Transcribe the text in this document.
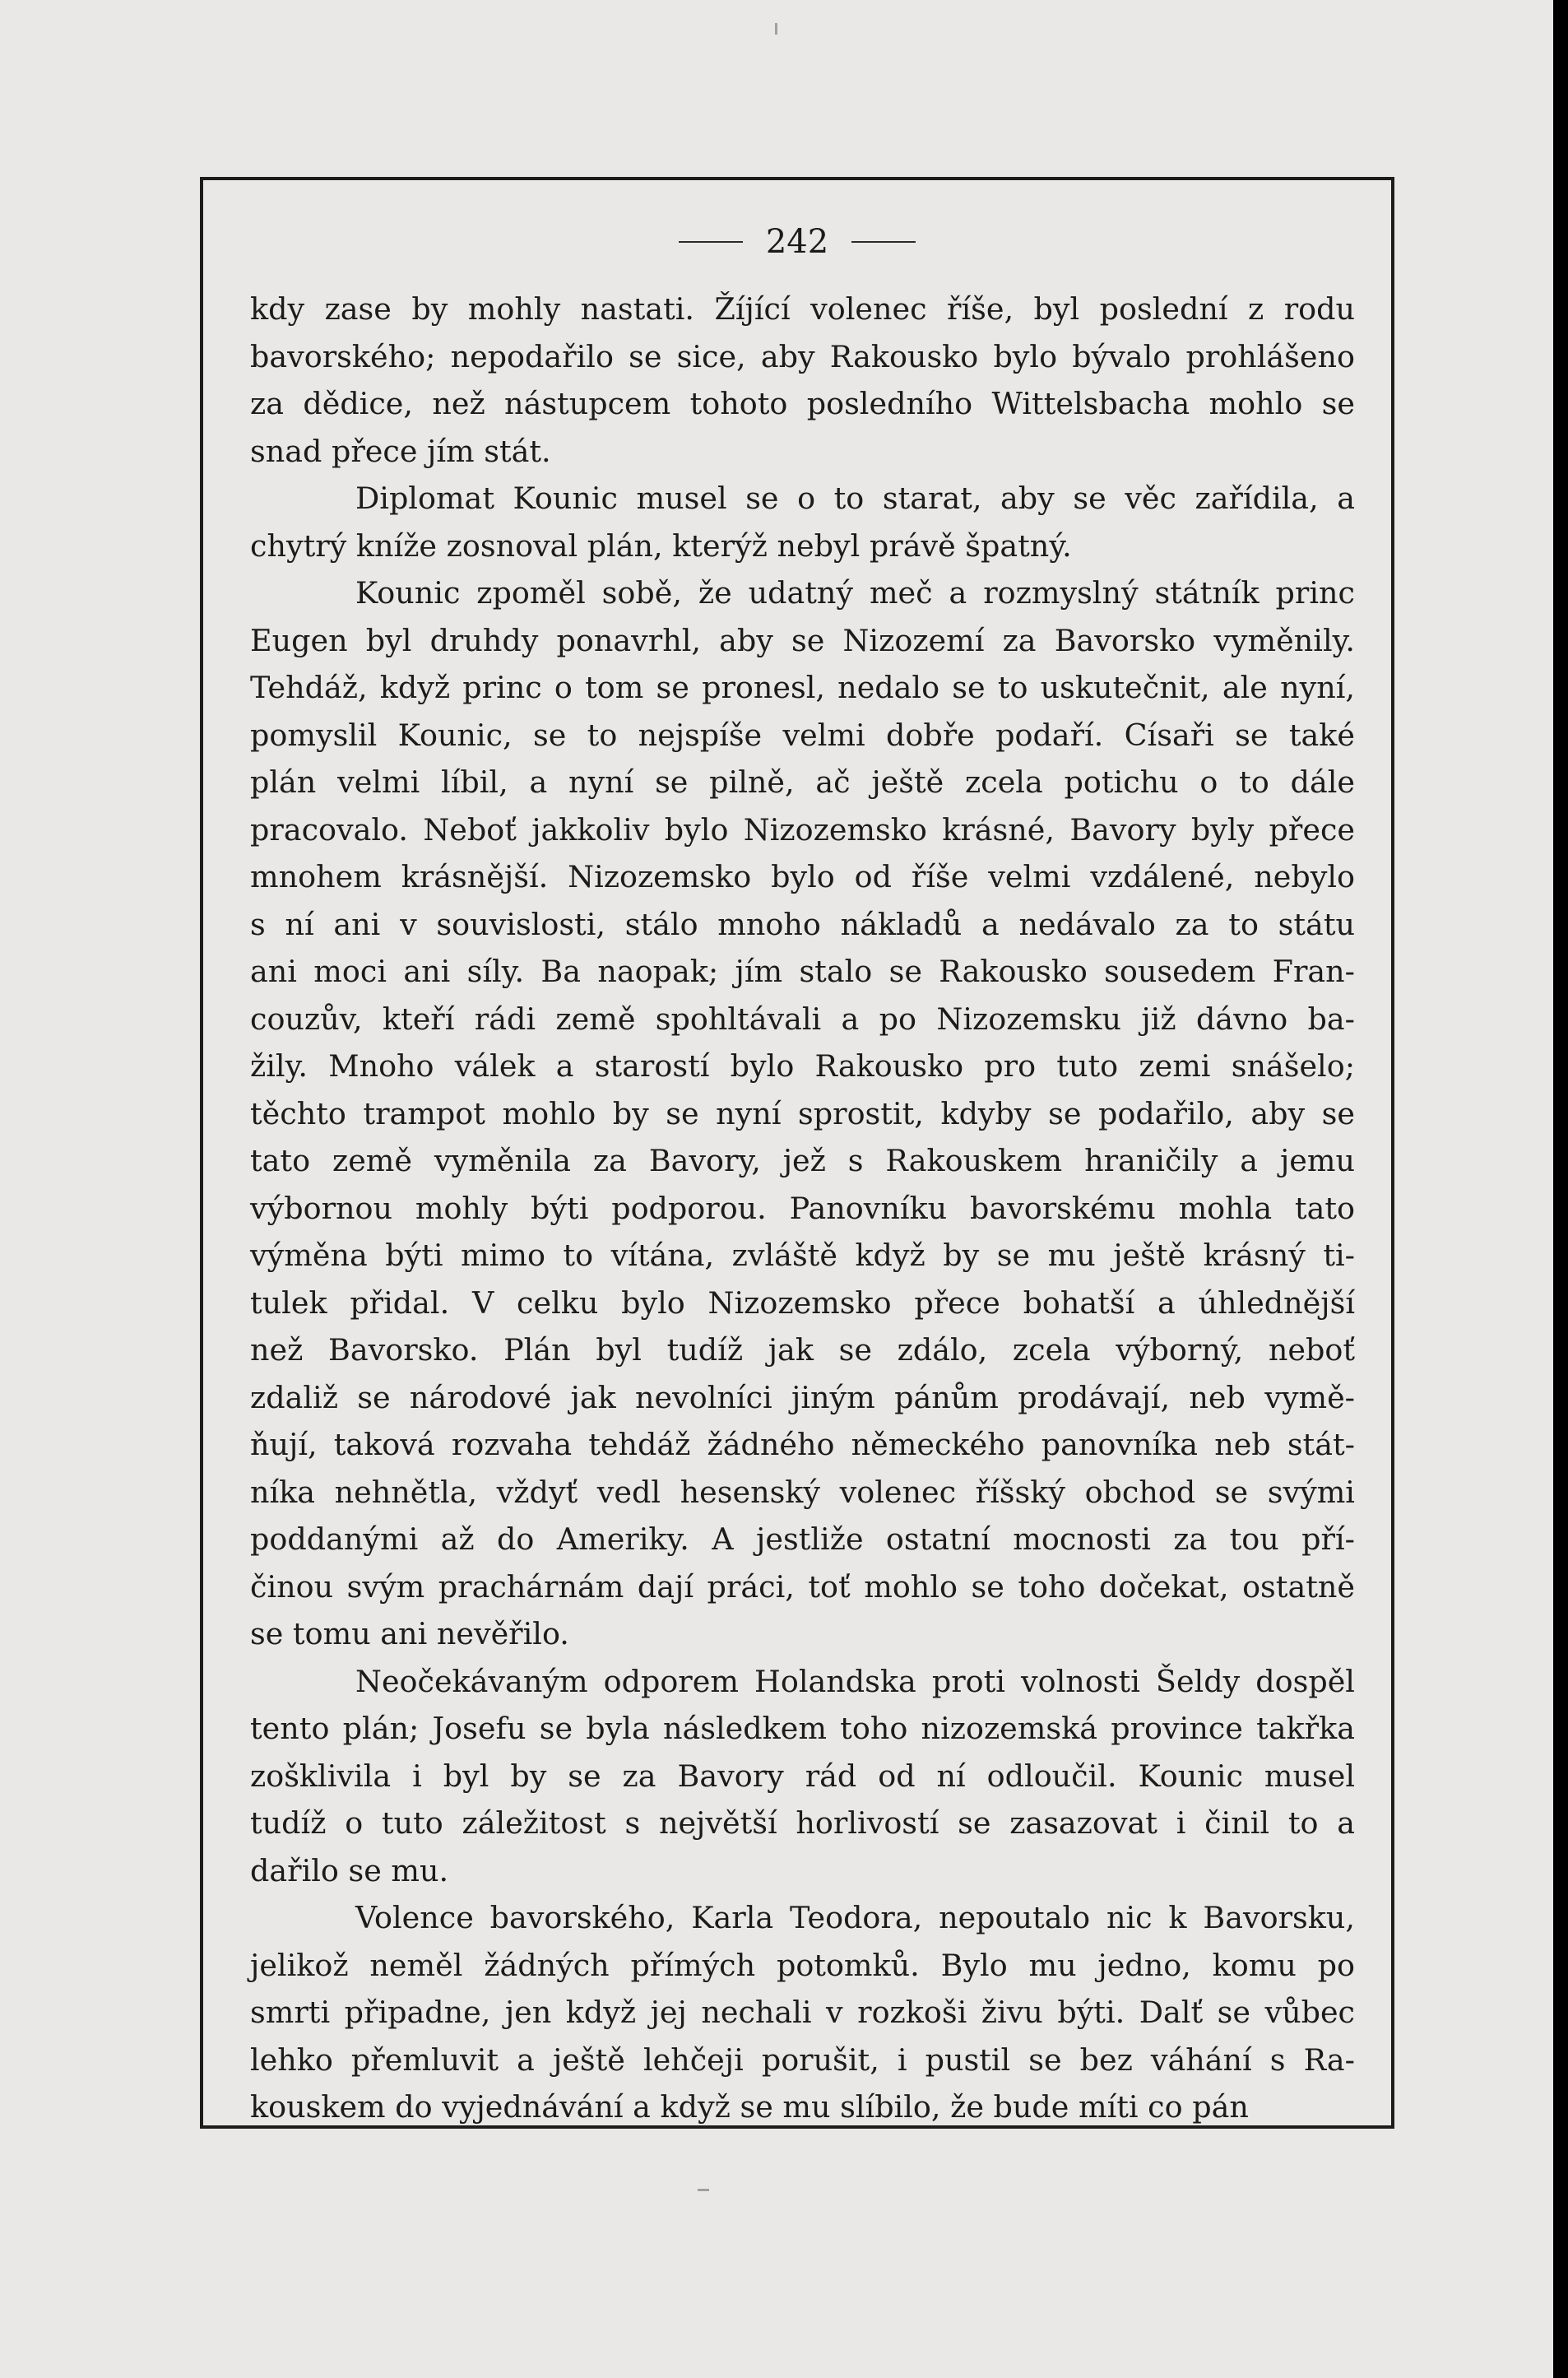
242

kdy zase by mohly nastati. Žíjící volenec říše, byl poslední z rodu
bavorského; nepodařilo se sice, aby Rakousko bylo bývalo prohlášeno
za dědice, než nástupcem tohoto posledního Wittelsbacha mohlo se
snad přece jím stát.

Diplomat Kounic musel se o to starat, aby se věc zařídila, a
chytrý kníže zosnoval plán, kterýž nebyl právě špatný.

Kounic zpoměl sobě, že udatný meč a rozmyslný státník princ
Eugen byl druhdy ponavrhl, aby se Nizozemí za Bavorsko vyměnily.
Tehdáž, když princ o tom se pronesl, nedalo se to uskutečnit, ale nyní,
pomyslil Kounic, se to nejspíše velmi dobře podaří. Císaři se také
plán velmi líbil, a nyní se pilně, ač ještě zcela potichu o to dále
pracovalo. Neboť jakkoliv bylo Nizozemsko krásné, Bavory byly přece
mnohem krásnější. Nizozemsko bylo od říše velmi vzdálené, nebylo
s ní ani v souvislosti, stálo mnoho nákladů a nedávalo za to státu
ani moci ani síly. Ba naopak; jím stalo se Rakousko sousedem Fran-
couzův, kteří rádi země spohltávali a po Nizozemsku již dávno ba-
žily. Mnoho válek a starostí bylo Rakousko pro tuto zemi snášelo;
těchto trampot mohlo by se nyní sprostit, kdyby se podařilo, aby se
tato země vyměnila za Bavory, jež s Rakouskem hraničily a jemu
výbornou mohly býti podporou. Panovníku bavorskému mohla tato
výměna býti mimo to vítána, zvláště když by se mu ještě krásný ti-
tulek přidal. V celku bylo Nizozemsko přece bohatší a úhlednější
než Bavorsko. Plán byl tudíž jak se zdálo, zcela výborný, neboť
zdaliž se národové jak nevolníci jiným pánům prodávají, neb vymě-
ňují, taková rozvaha tehdáž žádného německého panovníka neb stát-
níka nehnětla, vždyť vedl hesenský volenec říšský obchod se svými
poddanými až do Ameriky. A jestliže ostatní mocnosti za tou pří-
činou svým prachárnám dají práci, toť mohlo se toho dočekat, ostatně
se tomu ani nevěřilo.

Neočekávaným odporem Holandska proti volnosti Šeldy dospěl
tento plán; Josefu se byla následkem toho nizozemská province takřka
zošklivila i byl by se za Bavory rád od ní odloučil. Kounic musel
tudíž o tuto záležitost s největší horlivostí se zasazovat i činil to a
dařilo se mu.

Volence bavorského, Karla Teodora, nepoutalo nic k Bavorsku,
jelikož neměl žádných přímých potomků. Bylo mu jedno, komu po
smrti připadne, jen když jej nechali v rozkoši živu býti. Dalť se vůbec
lehko přemluvit a ještě lehčeji porušit, i pustil se bez váhání s Ra-
kouskem do vyjednávání a když se mu slíbilo, že bude míti co pán
